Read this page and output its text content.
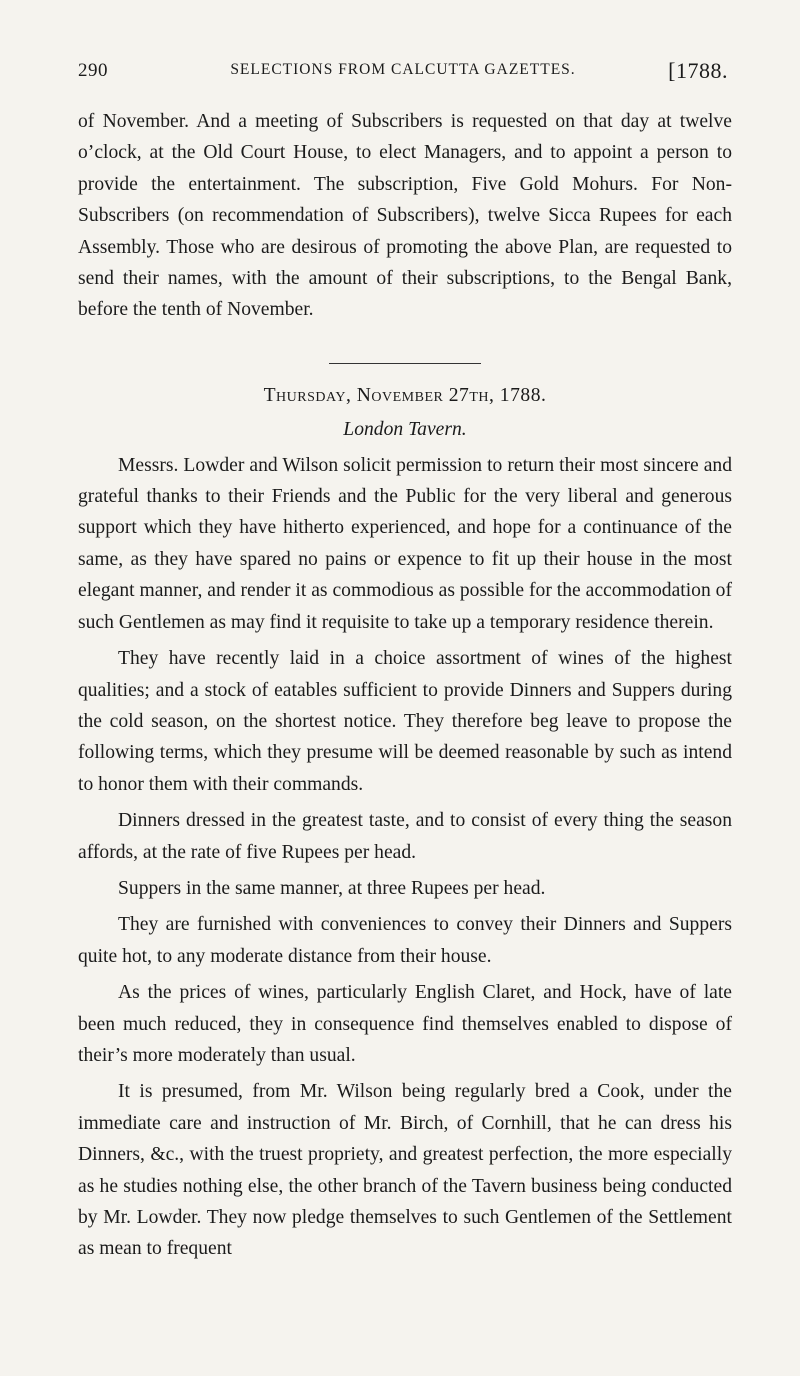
290	SELECTIONS FROM CALCUTTA GAZETTES.	[1788.

of November. And a meeting of Subscribers is requested on that day at twelve o’clock, at the Old Court House, to elect Managers, and to appoint a person to provide the entertainment. The subscription, Five Gold Mohurs. For Non-Subscribers (on recommendation of Subscribers), twelve Sicca Rupees for each Assembly. Those who are desirous of promoting the above Plan, are requested to send their names, with the amount of their subscriptions, to the Bengal Bank, before the tenth of November.

Thursday, November 27th, 1788.
London Tavern.

Messrs. Lowder and Wilson solicit permission to return their most sincere and grateful thanks to their Friends and the Public for the very liberal and generous support which they have hitherto experienced, and hope for a continuance of the same, as they have spared no pains or expence to fit up their house in the most elegant manner, and render it as commodious as possible for the accommodation of such Gentlemen as may find it requisite to take up a temporary residence therein.

They have recently laid in a choice assortment of wines of the highest qualities; and a stock of eatables sufficient to provide Dinners and Suppers during the cold season, on the shortest notice. They therefore beg leave to propose the following terms, which they presume will be deemed reasonable by such as intend to honor them with their commands.

Dinners dressed in the greatest taste, and to consist of every thing the season affords, at the rate of five Rupees per head.

Suppers in the same manner, at three Rupees per head.

They are furnished with conveniences to convey their Dinners and Suppers quite hot, to any moderate distance from their house.

As the prices of wines, particularly English Claret, and Hock, have of late been much reduced, they in consequence find themselves enabled to dispose of their’s more moderately than usual.

It is presumed, from Mr. Wilson being regularly bred a Cook, under the immediate care and instruction of Mr. Birch, of Cornhill, that he can dress his Dinners, &c., with the truest propriety, and greatest perfection, the more especially as he studies nothing else, the other branch of the Tavern business being conducted by Mr. Lowder. They now pledge themselves to such Gentlemen of the Settlement as mean to frequent
